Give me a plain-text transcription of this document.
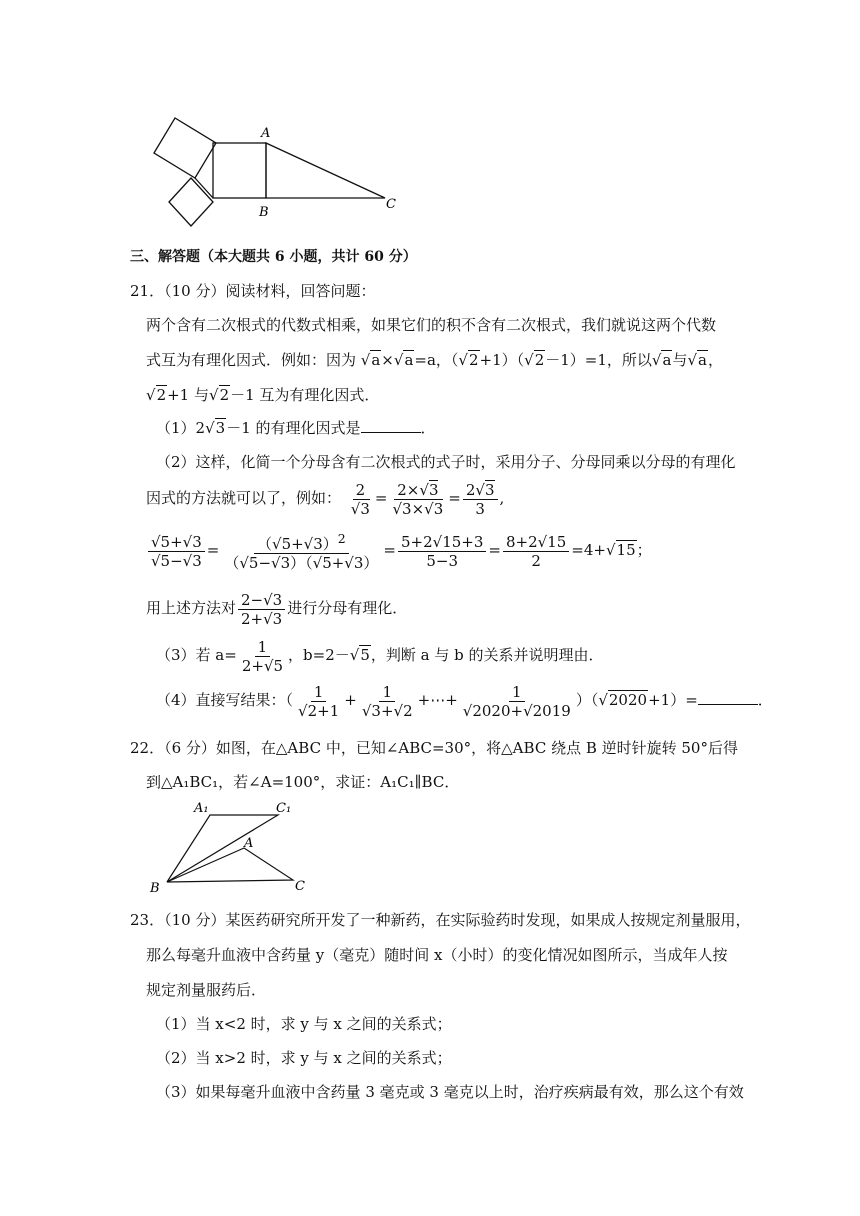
A
B
C
三、解答题（本大题共 6 小题，共计 60 分）
21．（10 分）阅读材料，回答问题：
两个含有二次根式的代数式相乘，如果它们的积不含有二次根式，我们就说这两个代数
式互为有理化因式．例如：因为 √a×√a=a，（√2+1）（√2－1）=1，所以√a与√a，
√2+1 与√2－1 互为有理化因式．
（1）2√3－1 的有理化因式是	．
（2）这样，化简一个分母含有二次根式的式子时，采用分子、分母同乘以分母的有理化
因式的方法就可以了，例如： $\frac{2}{√3} = \frac{2\times√3}{√3\times√3} = \frac{2√3}{3}$ ,
$\frac{√5+√3}{√5-√3} = \frac{(√5+√3)^2}{(√5-√3)(√5+√3)} = \frac{5+2√15+3}{5-3} = \frac{8+2√15}{2} =4+√15$；
用上述方法对 $\frac{2-√3}{2+√3}$ 进行分母有理化．
（3）若 $a= \frac{1}{2+√5}$ ，b=2－√5，判断 a 与 b 的关系并说明理由．
（4）直接写结果：（ $\frac{1}{√2+1} + \frac{1}{√3+√2}$ +⋯+ $\frac{1}{√2020+√2019} )(√2020+1)=$	．
22．（6 分）如图，在△ABC 中，已知∠ABC=30°，将△ABC 绕点 B 逆时针旋转 50°后得
到△A₁BC₁，若∠A=100°，求证：A₁C₁∥BC．
A₁	C₁
A
B	C
23．（10 分）某医药研究所开发了一种新药，在实际验药时发现，如果成人按规定剂量服用，
那么每毫升血液中含药量 y（毫克）随时间 x（小时）的变化情况如图所示，当成年人按
规定剂量服药后．
（1）当 x<2 时，求 y 与 x 之间的关系式；
（2）当 x>2 时，求 y 与 x 之间的关系式；
（3）如果每毫升血液中含药量 3 毫克或 3 毫克以上时，治疗疾病最有效，那么这个有效
